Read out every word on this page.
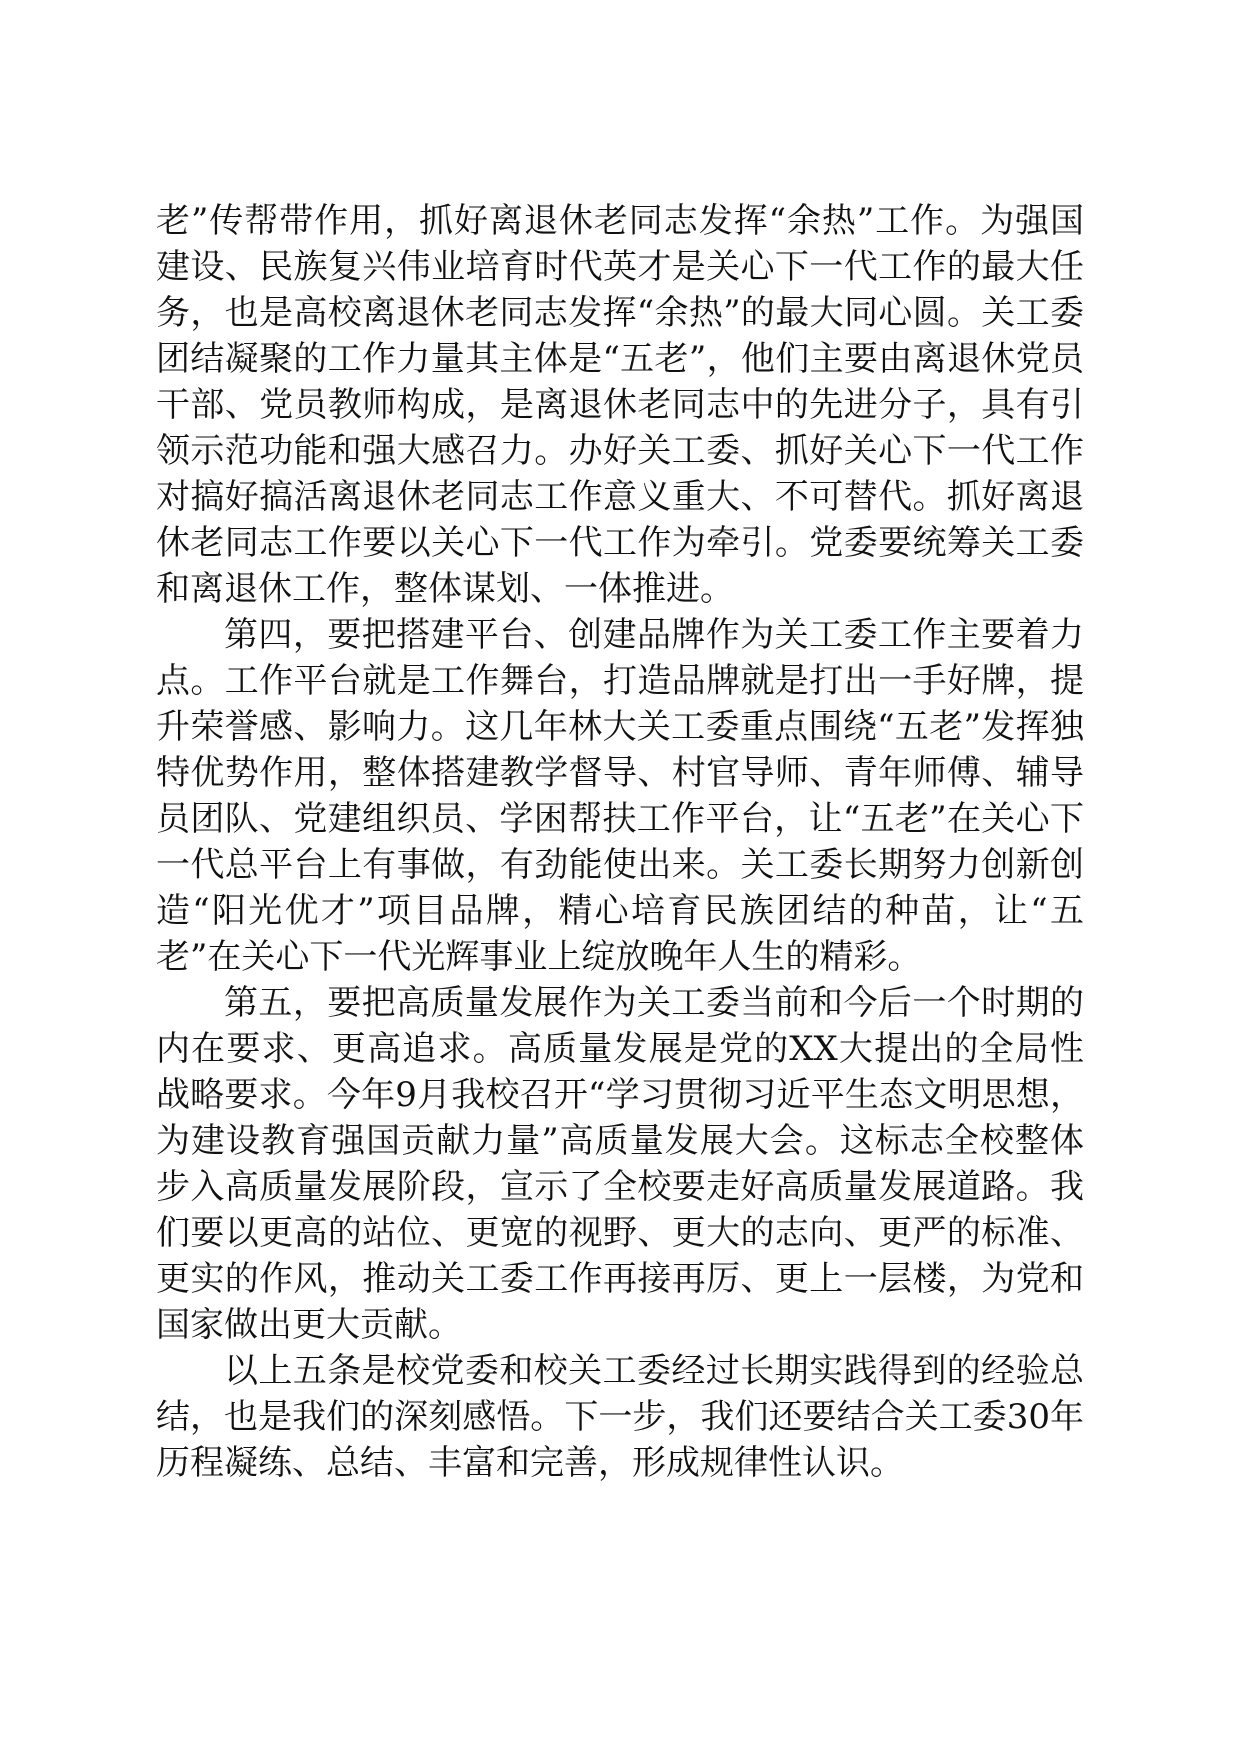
老”传帮带作用，抓好离退休老同志发挥“余热”工作。为强国建设、民族复兴伟业培育时代英才是关心下一代工作的最大任务，也是高校离退休老同志发挥“余热”的最大同心圆。关工委团结凝聚的工作力量其主体是“五老”，他们主要由离退休党员干部、党员教师构成，是离退休老同志中的先进分子，具有引领示范功能和强大感召力。办好关工委、抓好关心下一代工作对搞好搞活离退休老同志工作意义重大、不可替代。抓好离退休老同志工作要以关心下一代工作为牵引。党委要统筹关工委和离退休工作，整体谋划、一体推进。

第四，要把搭建平台、创建品牌作为关工委工作主要着力点。工作平台就是工作舞台，打造品牌就是打出一手好牌，提升荣誉感、影响力。这几年林大关工委重点围绕“五老”发挥独特优势作用，整体搭建教学督导、村官导师、青年师傅、辅导员团队、党建组织员、学困帮扶工作平台，让“五老”在关心下一代总平台上有事做，有劲能使出来。关工委长期努力创新创造“阳光优才”项目品牌，精心培育民族团结的种苗，让“五老”在关心下一代光辉事业上绽放晚年人生的精彩。

第五，要把高质量发展作为关工委当前和今后一个时期的内在要求、更高追求。高质量发展是党的XX大提出的全局性战略要求。今年9月我校召开“学习贯彻习近平生态文明思想，为建设教育强国贡献力量”高质量发展大会。这标志全校整体步入高质量发展阶段，宣示了全校要走好高质量发展道路。我们要以更高的站位、更宽的视野、更大的志向、更严的标准、更实的作风，推动关工委工作再接再厉、更上一层楼，为党和国家做出更大贡献。

以上五条是校党委和校关工委经过长期实践得到的经验总结，也是我们的深刻感悟。下一步，我们还要结合关工委30年历程凝练、总结、丰富和完善，形成规律性认识。
